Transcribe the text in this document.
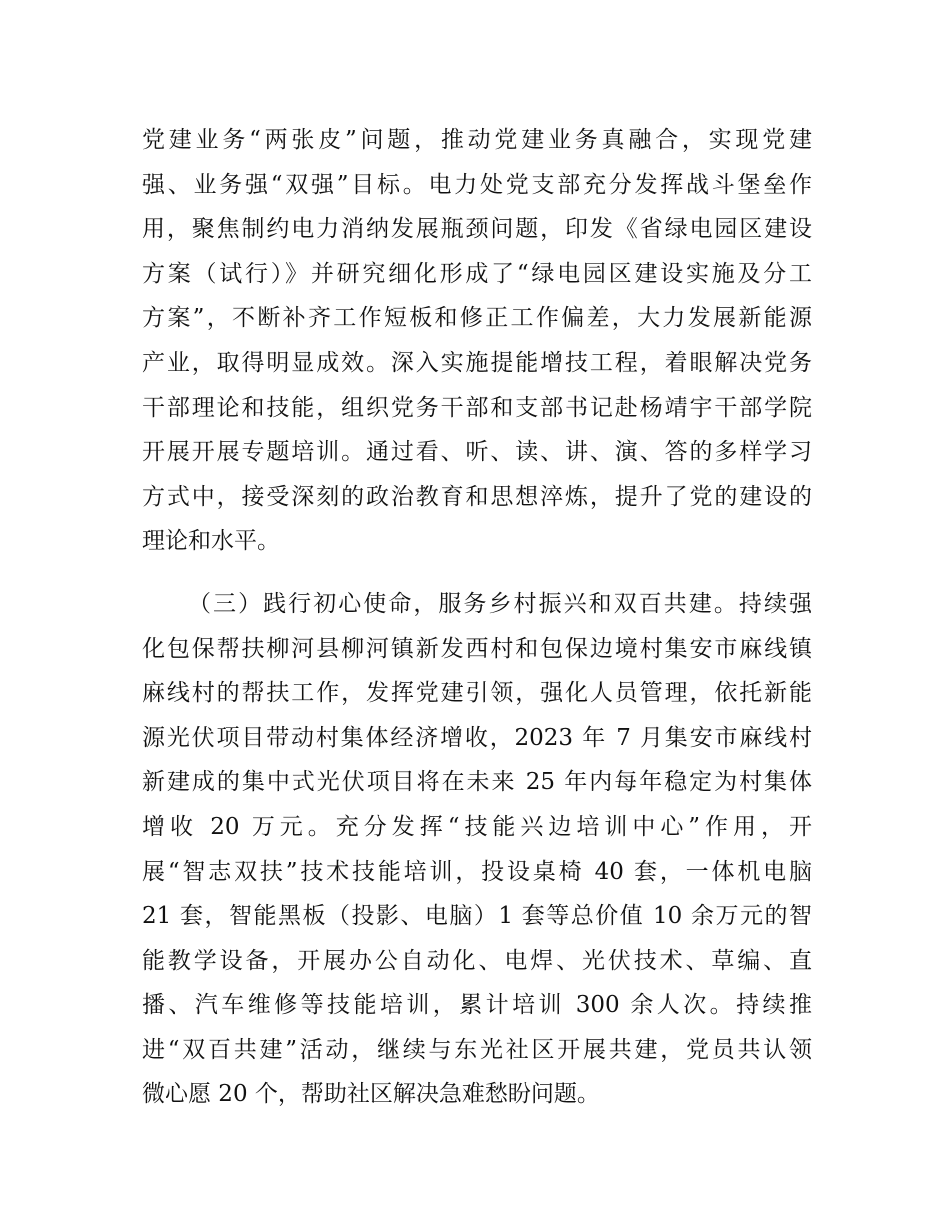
党建业务“两张皮”问题，推动党建业务真融合，实现党建
强、业务强“双强”目标。电力处党支部充分发挥战斗堡垒作
用，聚焦制约电力消纳发展瓶颈问题，印发《省绿电园区建设
方案（试行）》并研究细化形成了“绿电园区建设实施及分工
方案”，不断补齐工作短板和修正工作偏差，大力发展新能源
产业，取得明显成效。深入实施提能增技工程，着眼解决党务
干部理论和技能，组织党务干部和支部书记赴杨靖宇干部学院
开展开展专题培训。通过看、听、读、讲、演、答的多样学习
方式中，接受深刻的政治教育和思想淬炼，提升了党的建设的
理论和水平。
（三）践行初心使命，服务乡村振兴和双百共建。持续强
化包保帮扶柳河县柳河镇新发西村和包保边境村集安市麻线镇
麻线村的帮扶工作，发挥党建引领，强化人员管理，依托新能
源光伏项目带动村集体经济增收，2023 年 7 月集安市麻线村
新建成的集中式光伏项目将在未来 25 年内每年稳定为村集体
增收 20 万元。充分发挥“技能兴边培训中心”作用，开
展“智志双扶”技术技能培训，投设桌椅 40 套，一体机电脑
21 套，智能黑板（投影、电脑）1 套等总价值 10 余万元的智
能教学设备，开展办公自动化、电焊、光伏技术、草编、直
播、汽车维修等技能培训，累计培训 300 余人次。持续推
进“双百共建”活动，继续与东光社区开展共建，党员共认领
微心愿 20 个，帮助社区解决急难愁盼问题。
